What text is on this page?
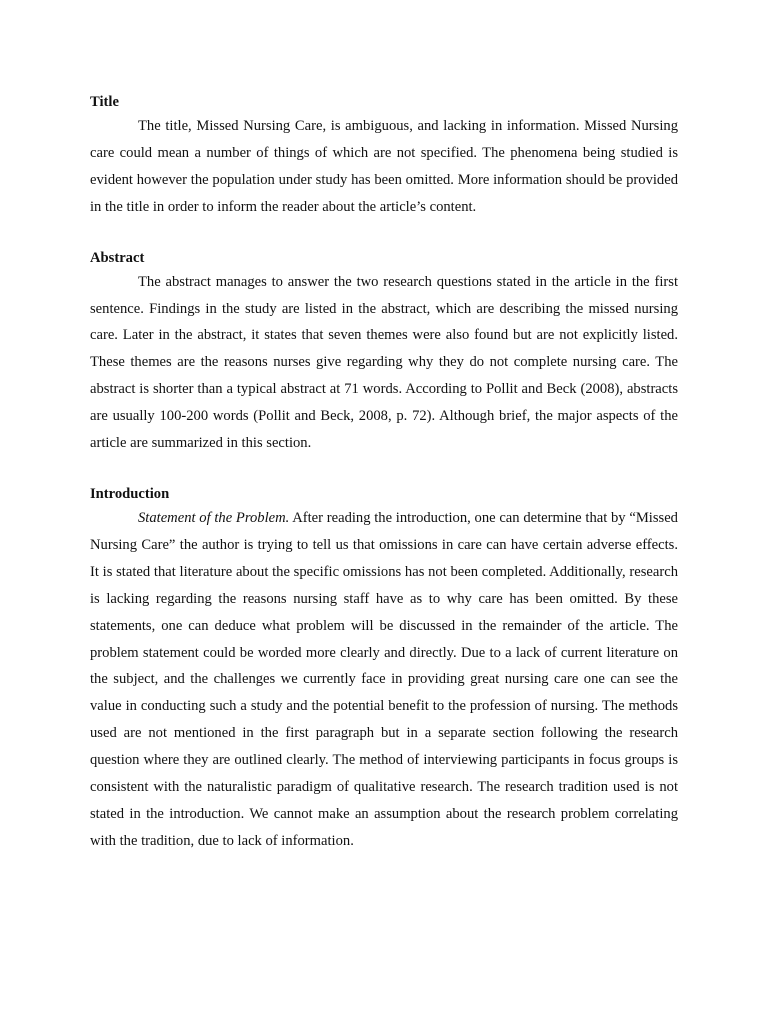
Title

The title, Missed Nursing Care, is ambiguous, and lacking in information. Missed Nursing care could mean a number of things of which are not specified. The phenomena being studied is evident however the population under study has been omitted. More information should be provided in the title in order to inform the reader about the article’s content.

Abstract

The abstract manages to answer the two research questions stated in the article in the first sentence. Findings in the study are listed in the abstract, which are describing the missed nursing care. Later in the abstract, it states that seven themes were also found but are not explicitly listed. These themes are the reasons nurses give regarding why they do not complete nursing care. The abstract is shorter than a typical abstract at 71 words. According to Pollit and Beck (2008), abstracts are usually 100-200 words (Pollit and Beck, 2008, p. 72). Although brief, the major aspects of the article are summarized in this section.

Introduction

Statement of the Problem. After reading the introduction, one can determine that by “Missed Nursing Care” the author is trying to tell us that omissions in care can have certain adverse effects. It is stated that literature about the specific omissions has not been completed. Additionally, research is lacking regarding the reasons nursing staff have as to why care has been omitted. By these statements, one can deduce what problem will be discussed in the remainder of the article. The problem statement could be worded more clearly and directly. Due to a lack of current literature on the subject, and the challenges we currently face in providing great nursing care one can see the value in conducting such a study and the potential benefit to the profession of nursing. The methods used are not mentioned in the first paragraph but in a separate section following the research question where they are outlined clearly. The method of interviewing participants in focus groups is consistent with the naturalistic paradigm of qualitative research. The research tradition used is not stated in the introduction. We cannot make an assumption about the research problem correlating with the tradition, due to lack of information.
